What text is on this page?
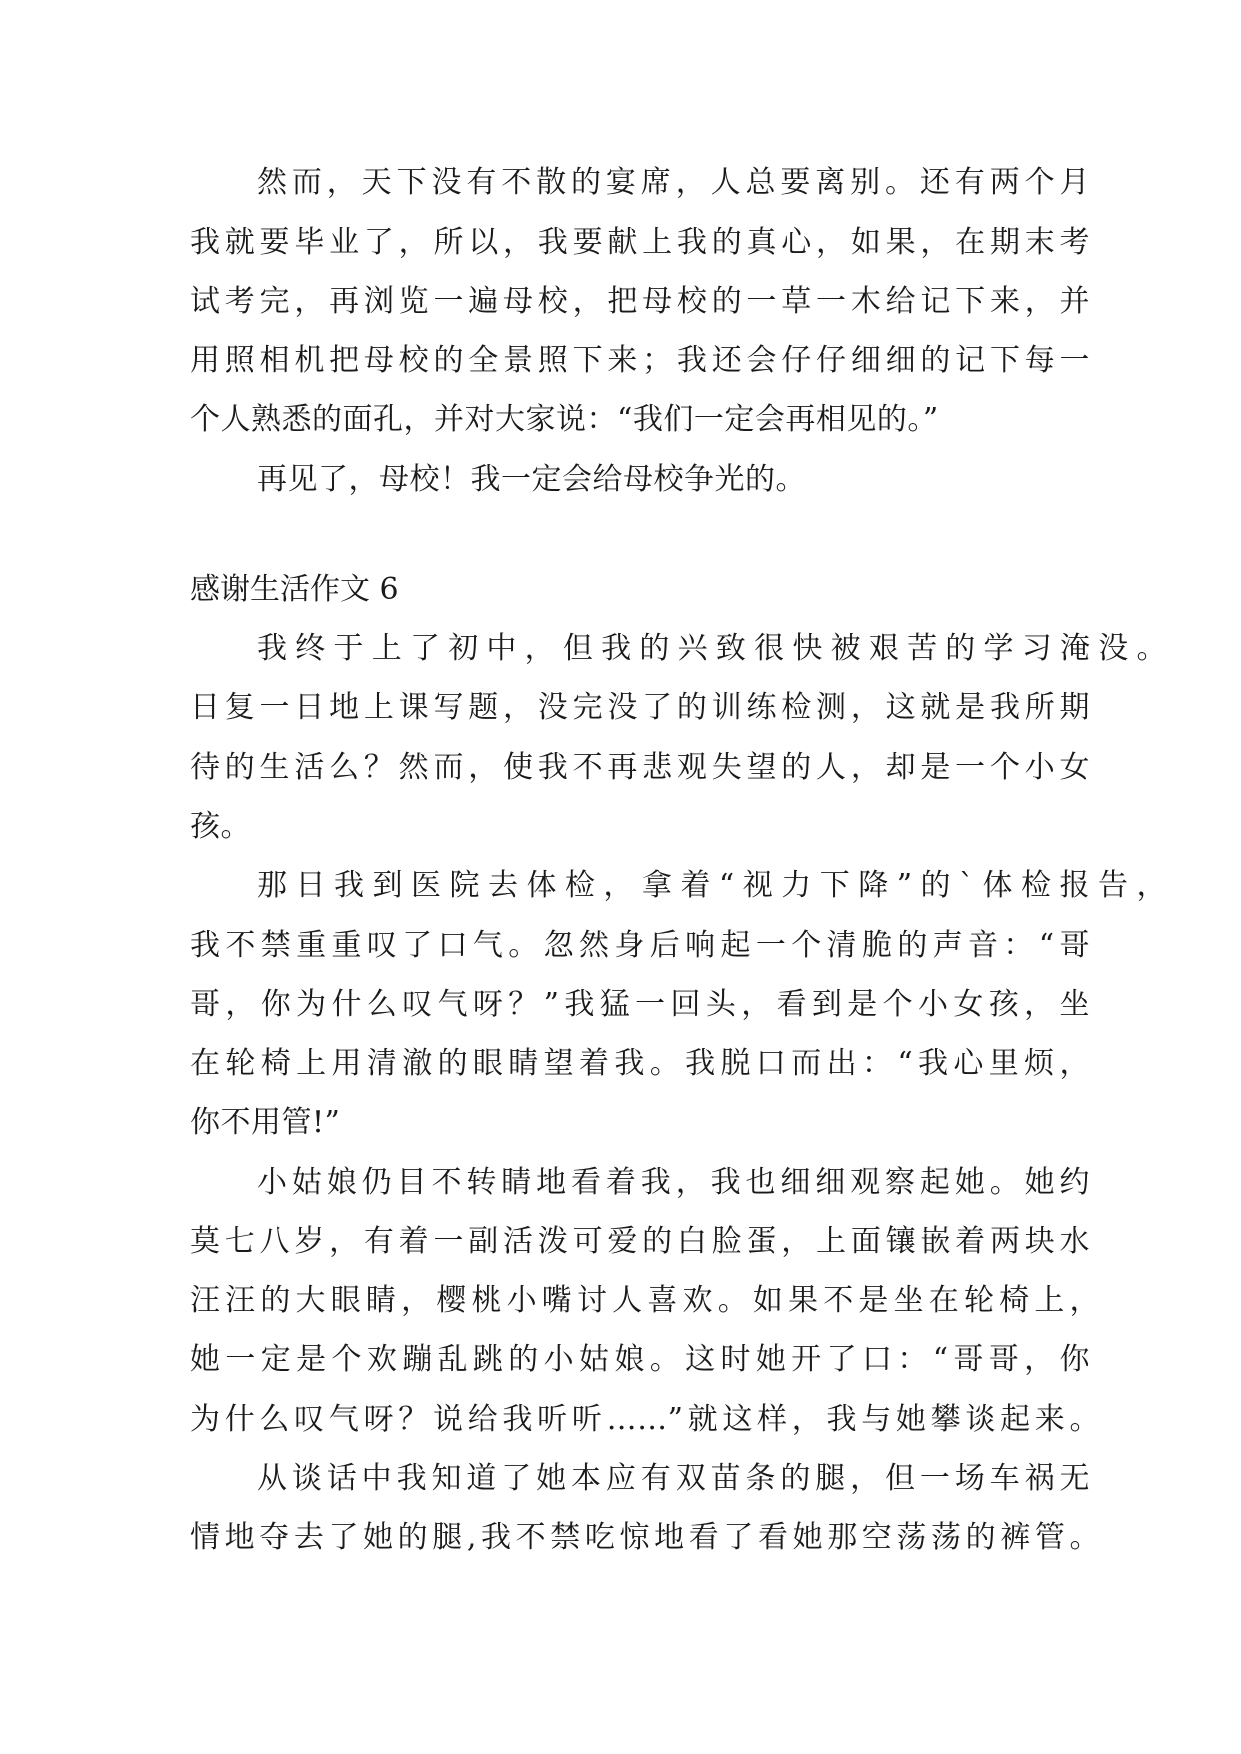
然而，天下没有不散的宴席，人总要离别。还有两个月
我就要毕业了，所以，我要献上我的真心，如果，在期末考
试考完，再浏览一遍母校，把母校的一草一木给记下来，并
用照相机把母校的全景照下来；我还会仔仔细细的记下每一
个人熟悉的面孔，并对大家说：“我们一定会再相见的。”
再见了，母校！我一定会给母校争光的。
感谢生活作文 6
我终于上了初中，但我的兴致很快被艰苦的学习淹没。
日复一日地上课写题，没完没了的训练检测，这就是我所期
待的生活么？然而，使我不再悲观失望的人，却是一个小女
孩。
那日我到医院去体检，拿着“视力下降”的`体检报告，
我不禁重重叹了口气。忽然身后响起一个清脆的声音：“哥
哥，你为什么叹气呀？”我猛一回头，看到是个小女孩，坐
在轮椅上用清澈的眼睛望着我。我脱口而出：“我心里烦，
你不用管!”
小姑娘仍目不转睛地看着我，我也细细观察起她。她约
莫七八岁，有着一副活泼可爱的白脸蛋，上面镶嵌着两块水
汪汪的大眼睛，樱桃小嘴讨人喜欢。如果不是坐在轮椅上，
她一定是个欢蹦乱跳的小姑娘。这时她开了口：“哥哥，你
为什么叹气呀？说给我听听……”就这样，我与她攀谈起来。
从谈话中我知道了她本应有双苗条的腿，但一场车祸无
情地夺去了她的腿,我不禁吃惊地看了看她那空荡荡的裤管。
